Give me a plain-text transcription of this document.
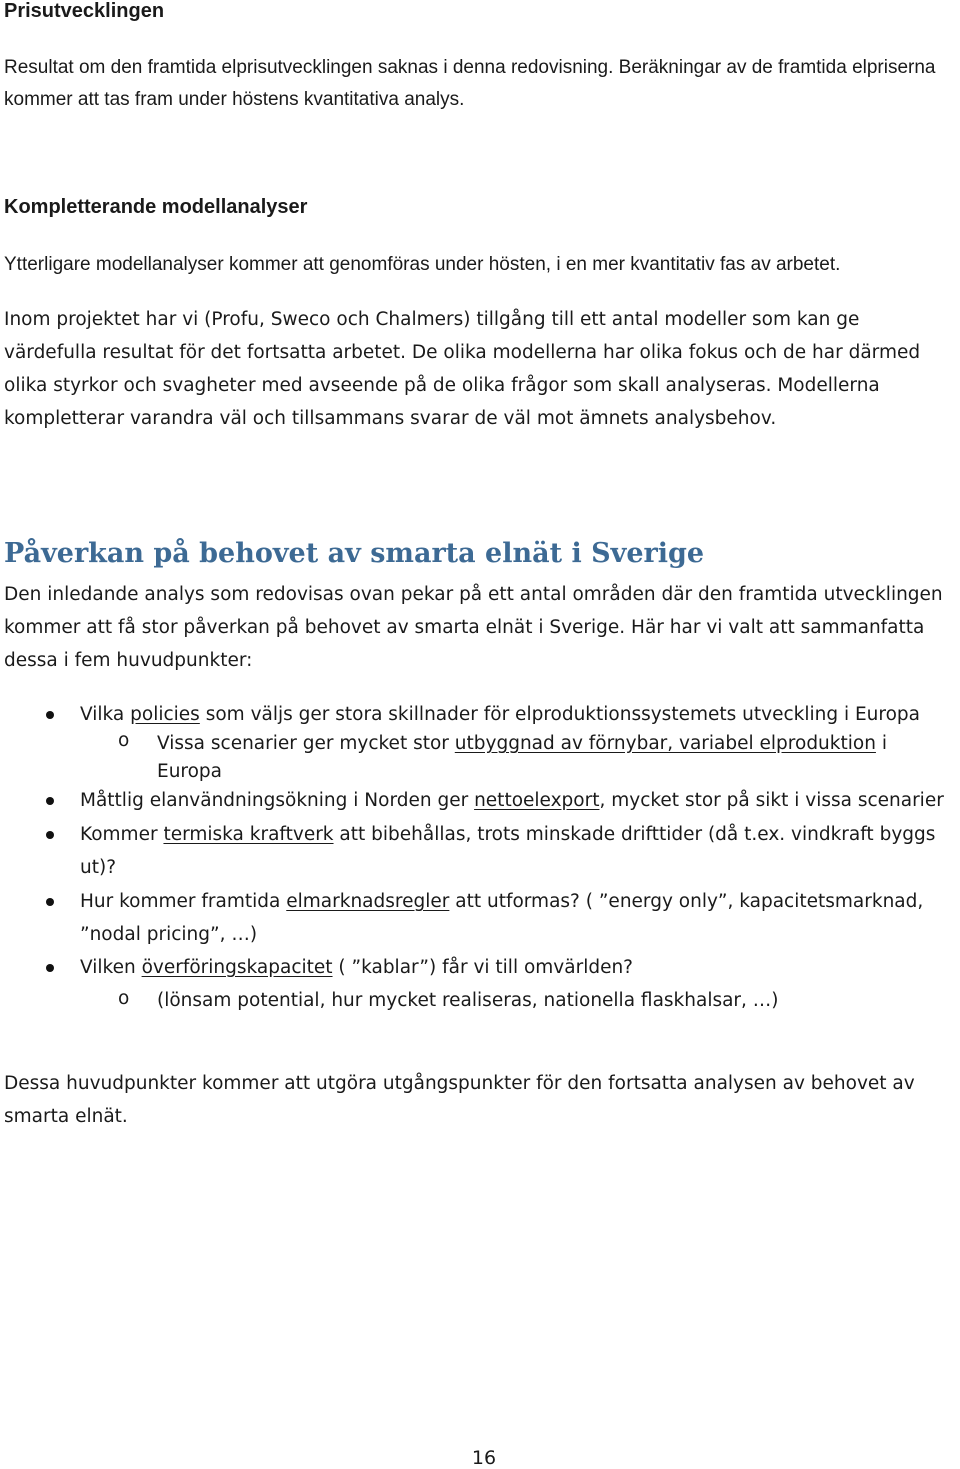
Prisutvecklingen

Resultat om den framtida elprisutvecklingen saknas i denna redovisning. Beräkningar av de framtida elpriserna kommer att tas fram under höstens kvantitativa analys.

Kompletterande modellanalyser

Ytterligare modellanalyser kommer att genomföras under hösten, i en mer kvantitativ fas av arbetet.

Inom projektet har vi (Profu, Sweco och Chalmers) tillgång till ett antal modeller som kan ge värdefulla resultat för det fortsatta arbetet. De olika modellerna har olika fokus och de har därmed olika styrkor och svagheter med avseende på de olika frågor som skall analyseras. Modellerna kompletterar varandra väl och tillsammans svarar de väl mot ämnets analysbehov.

Påverkan på behovet av smarta elnät i Sverige

Den inledande analys som redovisas ovan pekar på ett antal områden där den framtida utvecklingen kommer att få stor påverkan på behovet av smarta elnät i Sverige. Här har vi valt att sammanfatta dessa i fem huvudpunkter:

Vilka policies som väljs ger stora skillnader för elproduktionssystemets utveckling i Europa
o Vissa scenarier ger mycket stor utbyggnad av förnybar, variabel elproduktion i
Europa
Måttlig elanvändningsökning i Norden ger nettoelexport, mycket stor på sikt i vissa scenarier
Kommer termiska kraftverk att bibehållas, trots minskade drifttider (då t.ex. vindkraft byggs
ut)?
Hur kommer framtida elmarknadsregler att utformas? ( ”energy only”, kapacitetsmarknad,
”nodal pricing”, …)
Vilken överföringskapacitet ( ”kablar”) får vi till omvärlden?
o (lönsam potential, hur mycket realiseras, nationella flaskhalsar, …)

Dessa huvudpunkter kommer att utgöra utgångspunkter för den fortsatta analysen av behovet av smarta elnät.

16
